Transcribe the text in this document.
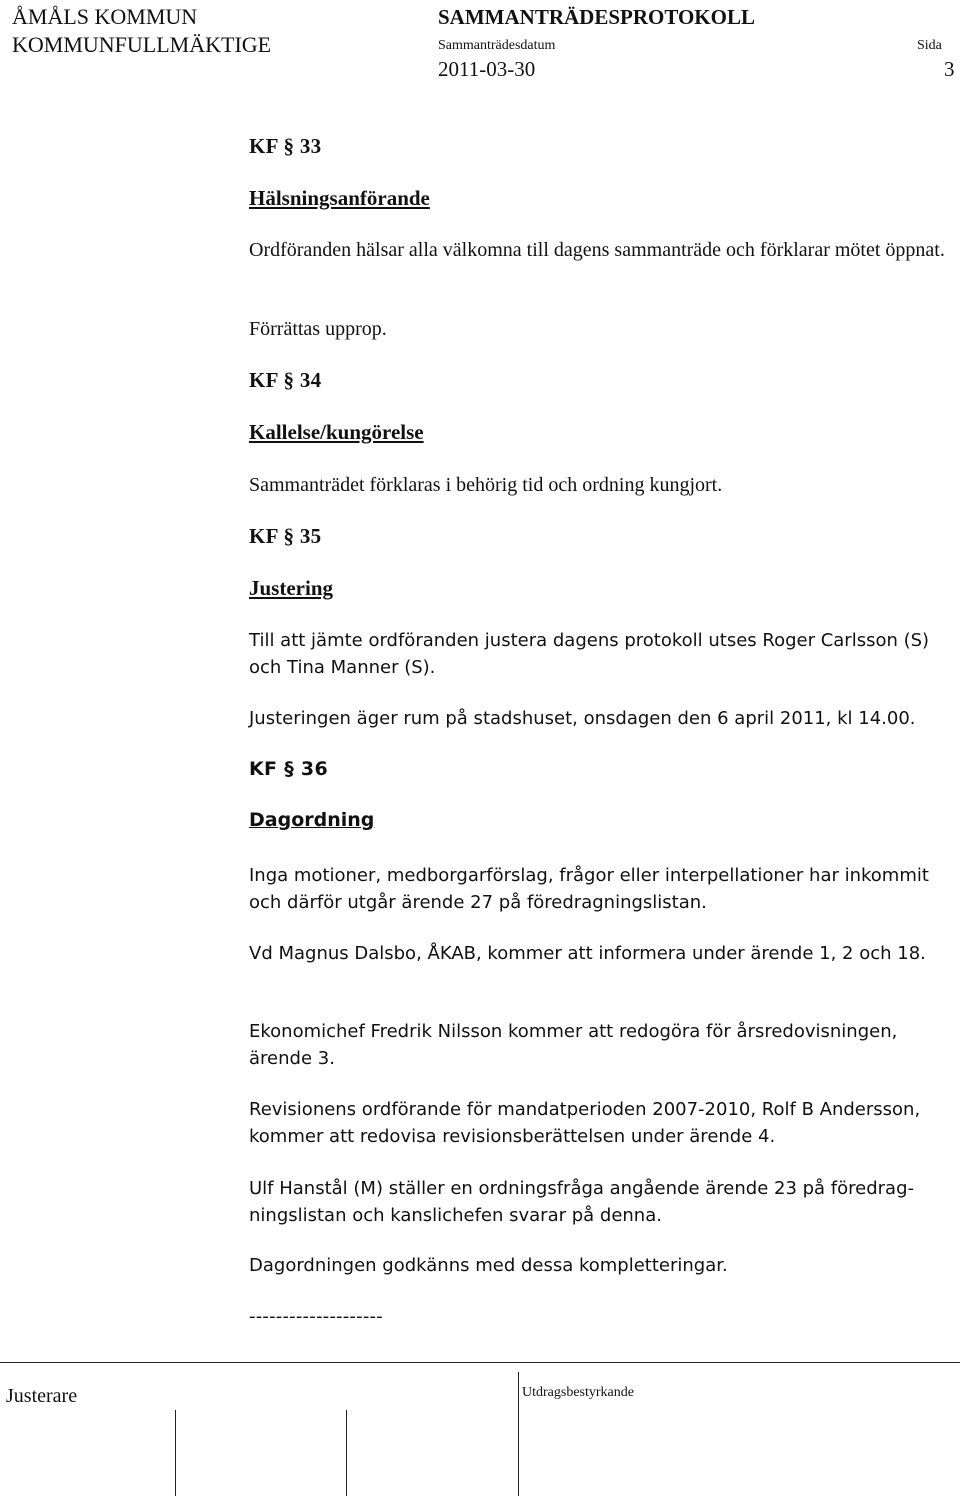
ÅMÅLS KOMMUN
KOMMUNFULLMÄKTIGE
SAMMANTRÄDESPROTOKOLL
Sammanträdesdatum
2011-03-30
Sida
3
KF § 33
Hälsningsanförande
Ordföranden hälsar alla välkomna till dagens sammanträde och förklarar mötet öppnat.
Förrättas upprop.
KF § 34
Kallelse/kungörelse
Sammanträdet förklaras i behörig tid och ordning kungjort.
KF § 35
Justering
Till att jämte ordföranden justera dagens protokoll utses Roger Carlsson (S) och Tina Manner (S).
Justeringen äger rum på stadshuset, onsdagen den 6 april 2011, kl 14.00.
KF § 36
Dagordning
Inga motioner, medborgarförslag, frågor eller interpellationer har inkommit och därför utgår ärende 27 på föredragningslistan.
Vd Magnus Dalsbo, ÅKAB, kommer att informera under ärende 1, 2 och 18.
Ekonomichef Fredrik Nilsson kommer att redogöra för årsredovisningen, ärende 3.
Revisionens ordförande för mandatperioden 2007-2010, Rolf B Andersson, kommer att redovisa revisionsberättelsen under ärende 4.
Ulf Hanstål (M) ställer en ordningsfråga angående ärende 23 på föredrag-ningslistan och kanslichefen svarar på denna.
Dagordningen godkänns med dessa kompletteringar.
--------------------
Justerare	Utdragsbestyrkande
